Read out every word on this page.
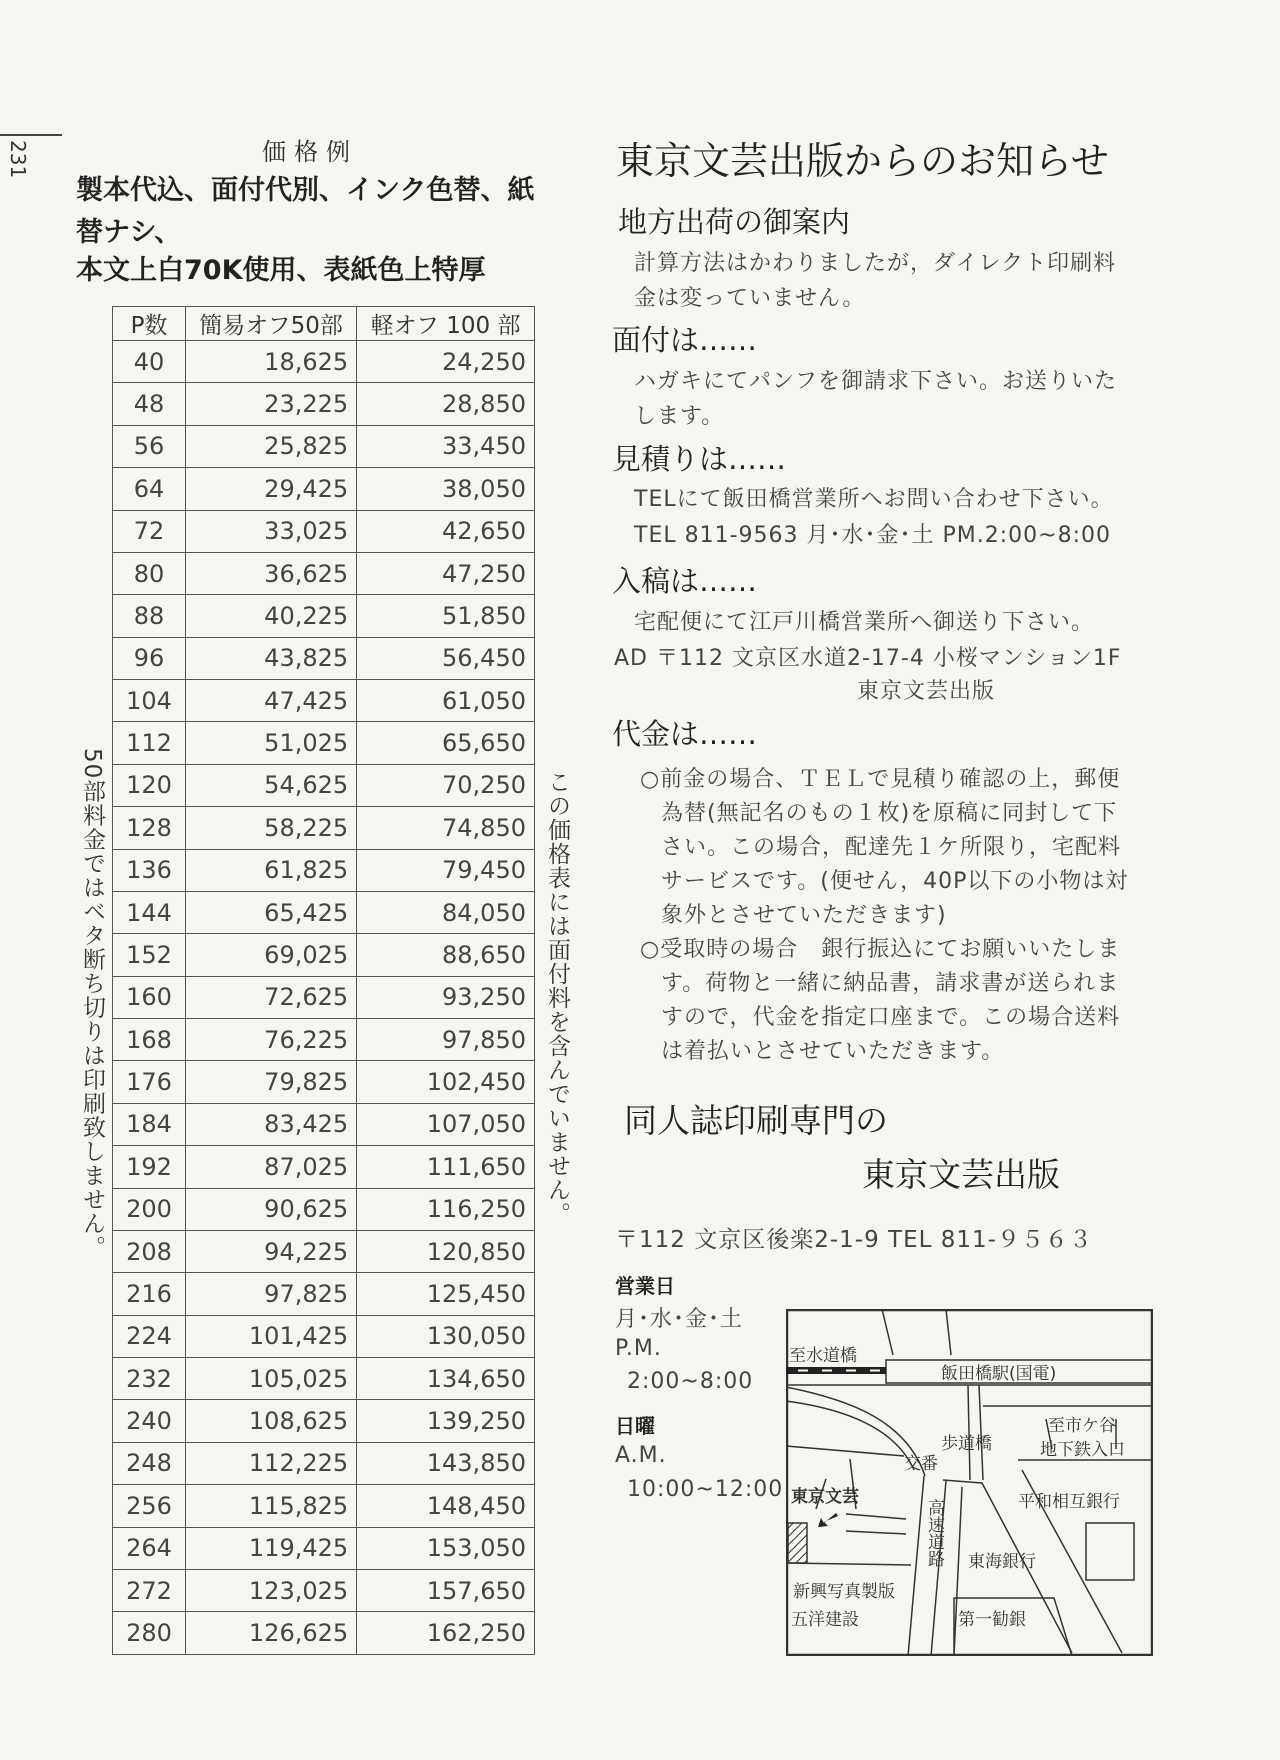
231	価格例
製本代込、面付代別、インク色替、紙
替ナシ、
本文上白70K使用、表紙色上特厚
P数	簡易オフ50部	軽オフ 100 部
40	18,625	24,250
48	23,225	28,850
56	25,825	33,450
64	29,425	38,050
72	33,025	42,650
80	36,625	47,250
88	40,225	51,850
96	43,825	56,450
104	47,425	61,050
112	51,025	65,650
120	54,625	70,250
128	58,225	74,850
136	61,825	79,450
144	65,425	84,050
152	69,025	88,650
160	72,625	93,250
168	76,225	97,850
176	79,825	102,450
184	83,425	107,050
192	87,025	111,650
200	90,625	116,250
208	94,225	120,850
216	97,825	125,450
224	101,425	130,050
232	105,025	134,650
240	108,625	139,250
248	112,225	143,850
256	115,825	148,450
264	119,425	153,050
272	123,025	157,650
280	126,625	162,250
50部料金ではベタ断ち切りは印刷致しません。	この価格表には面付料を含んでいません。
東京文芸出版からのお知らせ
地方出荷の御案内
計算方法はかわりましたが，ダイレクト印刷料
金は変っていません。
面付は……
ハガキにてパンフを御請求下さい。お送りいた
します。
見積りは……
TELにて飯田橋営業所へお問い合わせ下さい。
TEL 811-9563 月･水･金･土 PM.2:00~8:00
入稿は……
宅配便にて江戸川橋営業所へ御送り下さい。
AD 〒112 文京区水道2-17-4 小桜マンション1F
東京文芸出版
代金は……
○前金の場合、ＴＥＬで見積り確認の上，郵便
為替(無記名のもの１枚)を原稿に同封して下
さい。この場合，配達先１ケ所限り，宅配料
サービスです。(便せん，40P以下の小物は対
象外とさせていただきます)
○受取時の場合　銀行振込にてお願いいたしま
す。荷物と一緒に納品書，請求書が送られま
すので，代金を指定口座まで。この場合送料
は着払いとさせていただきます。
同人誌印刷専門の
東京文芸出版
〒112 文京区後楽2-1-9 TEL 811-９５６３
営業日
月･水･金･土
P.M.
2:00~8:00
日曜
A.M.
10:00~12:00
至水道橋
飯田橋駅(国電)
歩道橋
至市ケ谷
地下鉄入口
交番
東京文芸
高速道路	平和相互銀行
東海銀行
新興写真製版
五洋建設	第一勧銀
